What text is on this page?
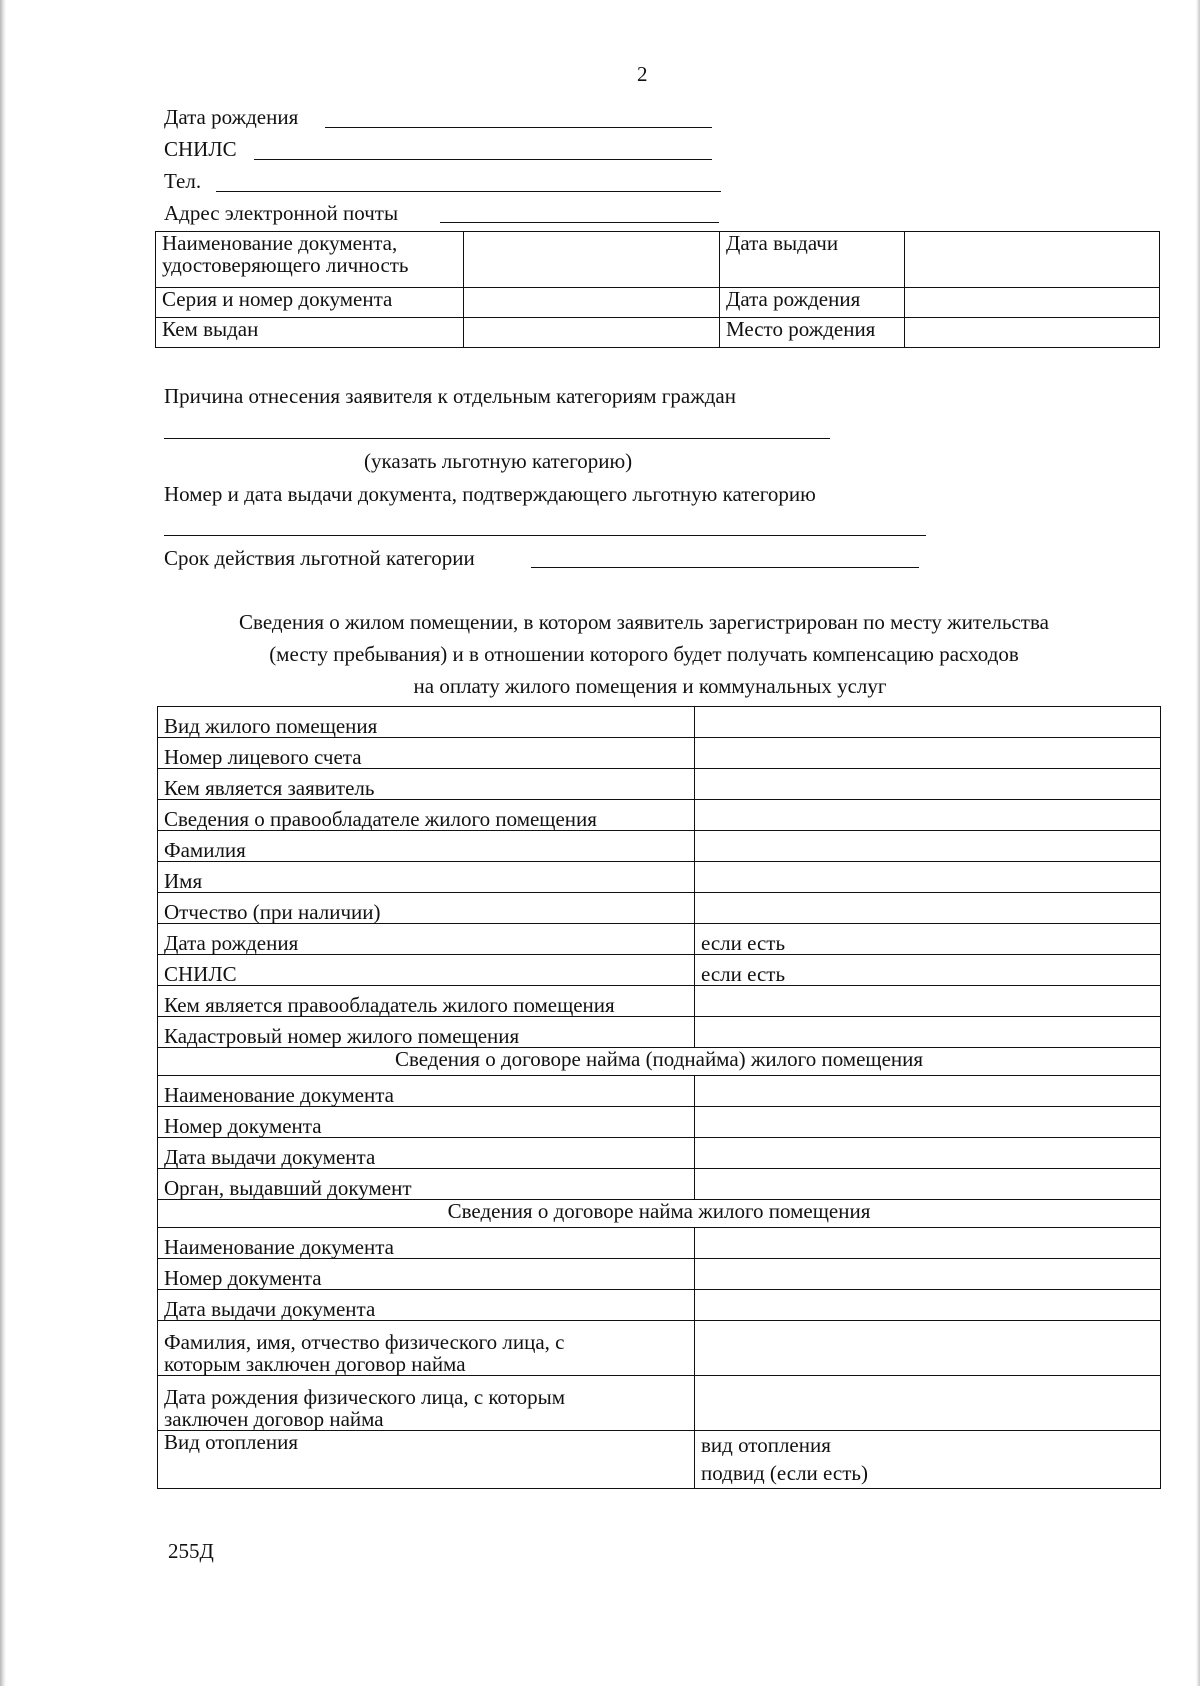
2
Дата рождения
СНИЛС
Тел.
Адрес электронной почты
Наименование документа,
удостоверяющего личность		Дата выдачи	
Серия и номер документа		Дата рождения	
Кем выдан		Место рождения	
Причина отнесения заявителя к отдельным категориям граждан
(указать льготную категорию)
Номер и дата выдачи документа, подтверждающего льготную категорию
Срок действия льготной категории
Сведения о жилом помещении, в котором заявитель зарегистрирован по месту жительства
(месту пребывания) и в отношении которого будет получать компенсацию расходов
на оплату жилого помещения и коммунальных услуг
Вид жилого помещения	
Номер лицевого счета	
Кем является заявитель	
Сведения о правообладателе жилого помещения	
Фамилия	
Имя	
Отчество (при наличии)	
Дата рождения	если есть
СНИЛС	если есть
Кем является правообладатель жилого помещения	
Кадастровый номер жилого помещения	
Сведения о договоре найма (поднайма) жилого помещения	
Наименование документа	
Номер документа	
Дата выдачи документа	
Орган, выдавший документ	
Сведения о договоре найма жилого помещения	
Наименование документа	
Номер документа	
Дата выдачи документа	
Фамилия, имя, отчество физического лица, с
которым заключен договор найма	
Дата рождения физического лица, с которым
заключен договор найма	
Вид отопления	вид отопления
подвид (если есть)
255Д
